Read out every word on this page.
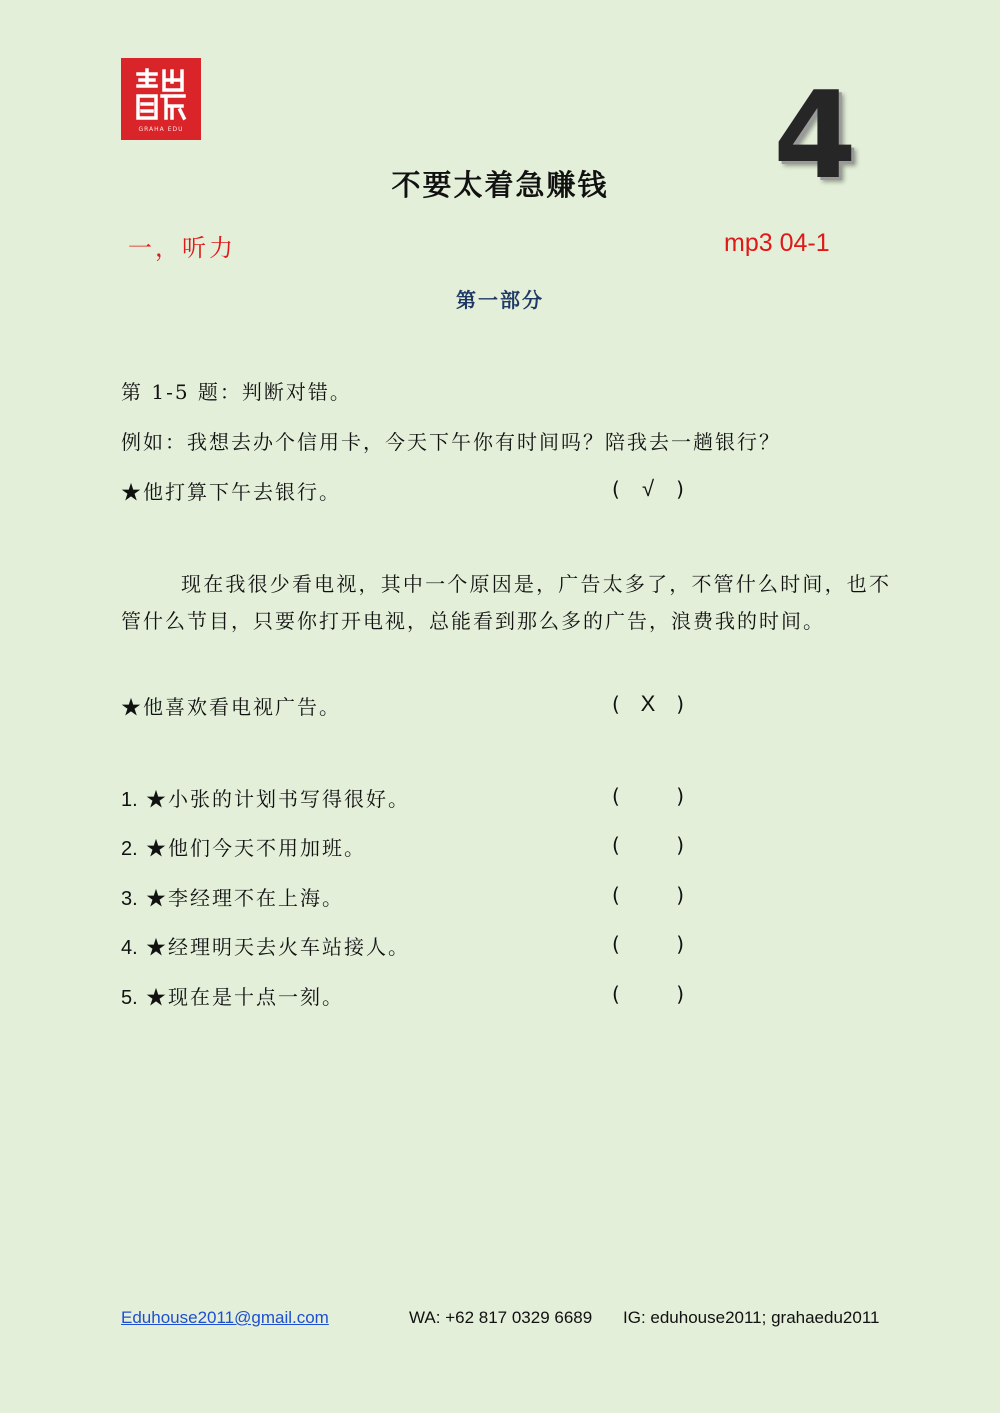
GRAHA EDU	4
不要太着急赚钱
一，听力	mp3 04-1
第一部分
第 1-5 题：判断对错。
例如：我想去办个信用卡，今天下午你有时间吗？陪我去一趟银行？
★他打算下午去银行。	( √ )
现在我很少看电视，其中一个原因是，广告太多了，不管什么时间，也不管什么节目，只要你打开电视，总能看到那么多的广告，浪费我的时间。
★他喜欢看电视广告。	( X )
1. ★小张的计划书写得很好。	(	)
2. ★他们今天不用加班。	(	)
3. ★李经理不在上海。	(	)
4. ★经理明天去火车站接人。	(	)
5. ★现在是十点一刻。	(	)
Eduhouse2011@gmail.com	WA: +62 817 0329 6689 IG: eduhouse2011; grahaedu2011
